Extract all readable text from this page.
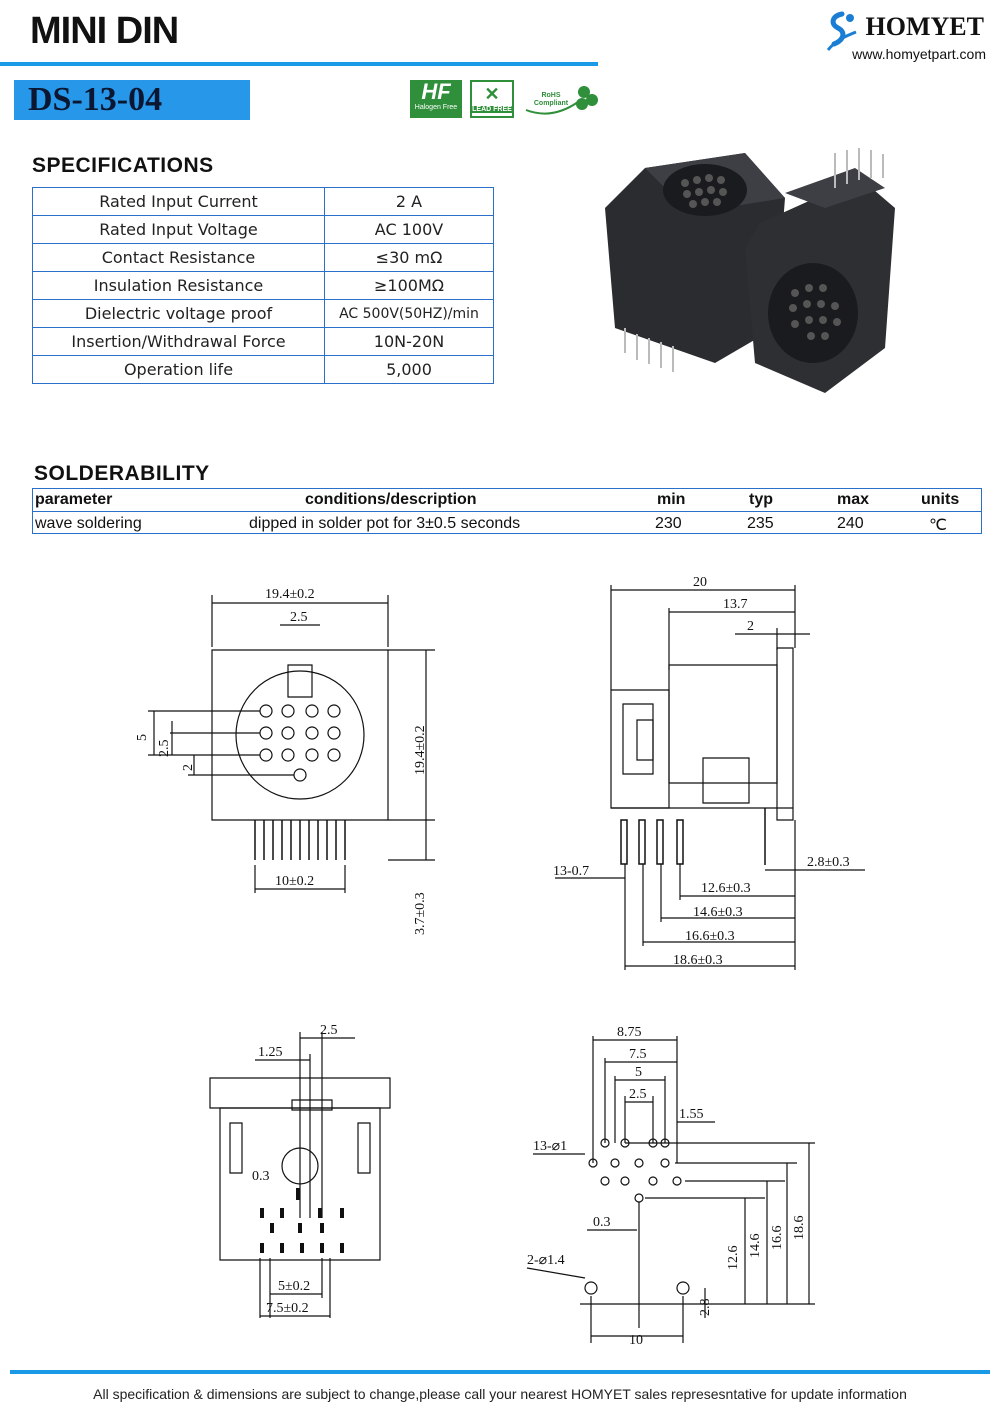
MINI DIN
DS-13-04
HOMYET
www.homyetpart.com
HF
Halogen Free
✕
LEAD FREE
RoHS Compliant
SPECIFICATIONS
Rated Input Current	2 A
Rated Input Voltage	AC 100V
Contact Resistance	≤30 mΩ
Insulation Resistance	≥100MΩ
Dielectric voltage proof	AC 500V(50HZ)/min
Insertion/Withdrawal Force	10N-20N
Operation life	5,000
SOLDERABILITY
parameter	conditions/description	min	typ	max	units
wave soldering	dipped in solder pot for 3±0.5 seconds	230	235	240	℃
19.4±0.2
2.5
5
2.5
2	19.4±0.2
10±0.2
3.7±0.3
20
13.7
2
2.8±0.3
13-0.7
12.6±0.3
14.6±0.3
16.6±0.3
18.6±0.3
2.5
1.25
0.3
5±0.2
7.5±0.2
8.75
7.5
5
2.5
1.55
13-⌀1
0.3
2-⌀1.4
10
12.6 14.6 16.6 18.6
2.8
All specification & dimensions are subject to change,please call your nearest HOMYET sales represesntative for update information
